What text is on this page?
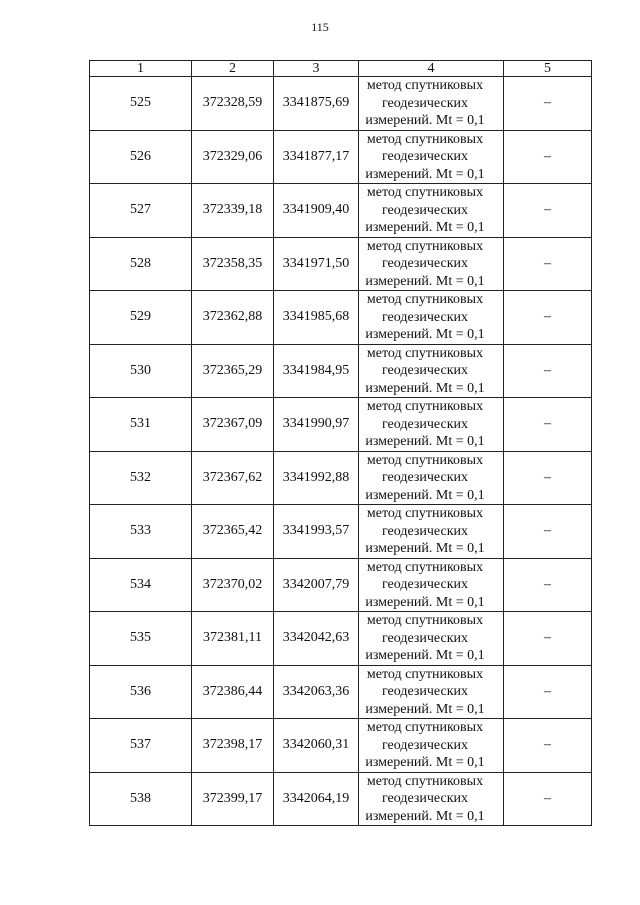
115
1	2	3	4	5
525	372328,59	3341875,69	метод спутниковых
геодезических
измерений. Mt = 0,1	–
526	372329,06	3341877,17	метод спутниковых
геодезических
измерений. Mt = 0,1	–
527	372339,18	3341909,40	метод спутниковых
геодезических
измерений. Mt = 0,1	–
528	372358,35	3341971,50	метод спутниковых
геодезических
измерений. Mt = 0,1	–
529	372362,88	3341985,68	метод спутниковых
геодезических
измерений. Mt = 0,1	–
530	372365,29	3341984,95	метод спутниковых
геодезических
измерений. Mt = 0,1	–
531	372367,09	3341990,97	метод спутниковых
геодезических
измерений. Mt = 0,1	–
532	372367,62	3341992,88	метод спутниковых
геодезических
измерений. Mt = 0,1	–
533	372365,42	3341993,57	метод спутниковых
геодезических
измерений. Mt = 0,1	–
534	372370,02	3342007,79	метод спутниковых
геодезических
измерений. Mt = 0,1	–
535	372381,11	3342042,63	метод спутниковых
геодезических
измерений. Mt = 0,1	–
536	372386,44	3342063,36	метод спутниковых
геодезических
измерений. Mt = 0,1	–
537	372398,17	3342060,31	метод спутниковых
геодезических
измерений. Mt = 0,1	–
538	372399,17	3342064,19	метод спутниковых
геодезических
измерений. Mt = 0,1	–
